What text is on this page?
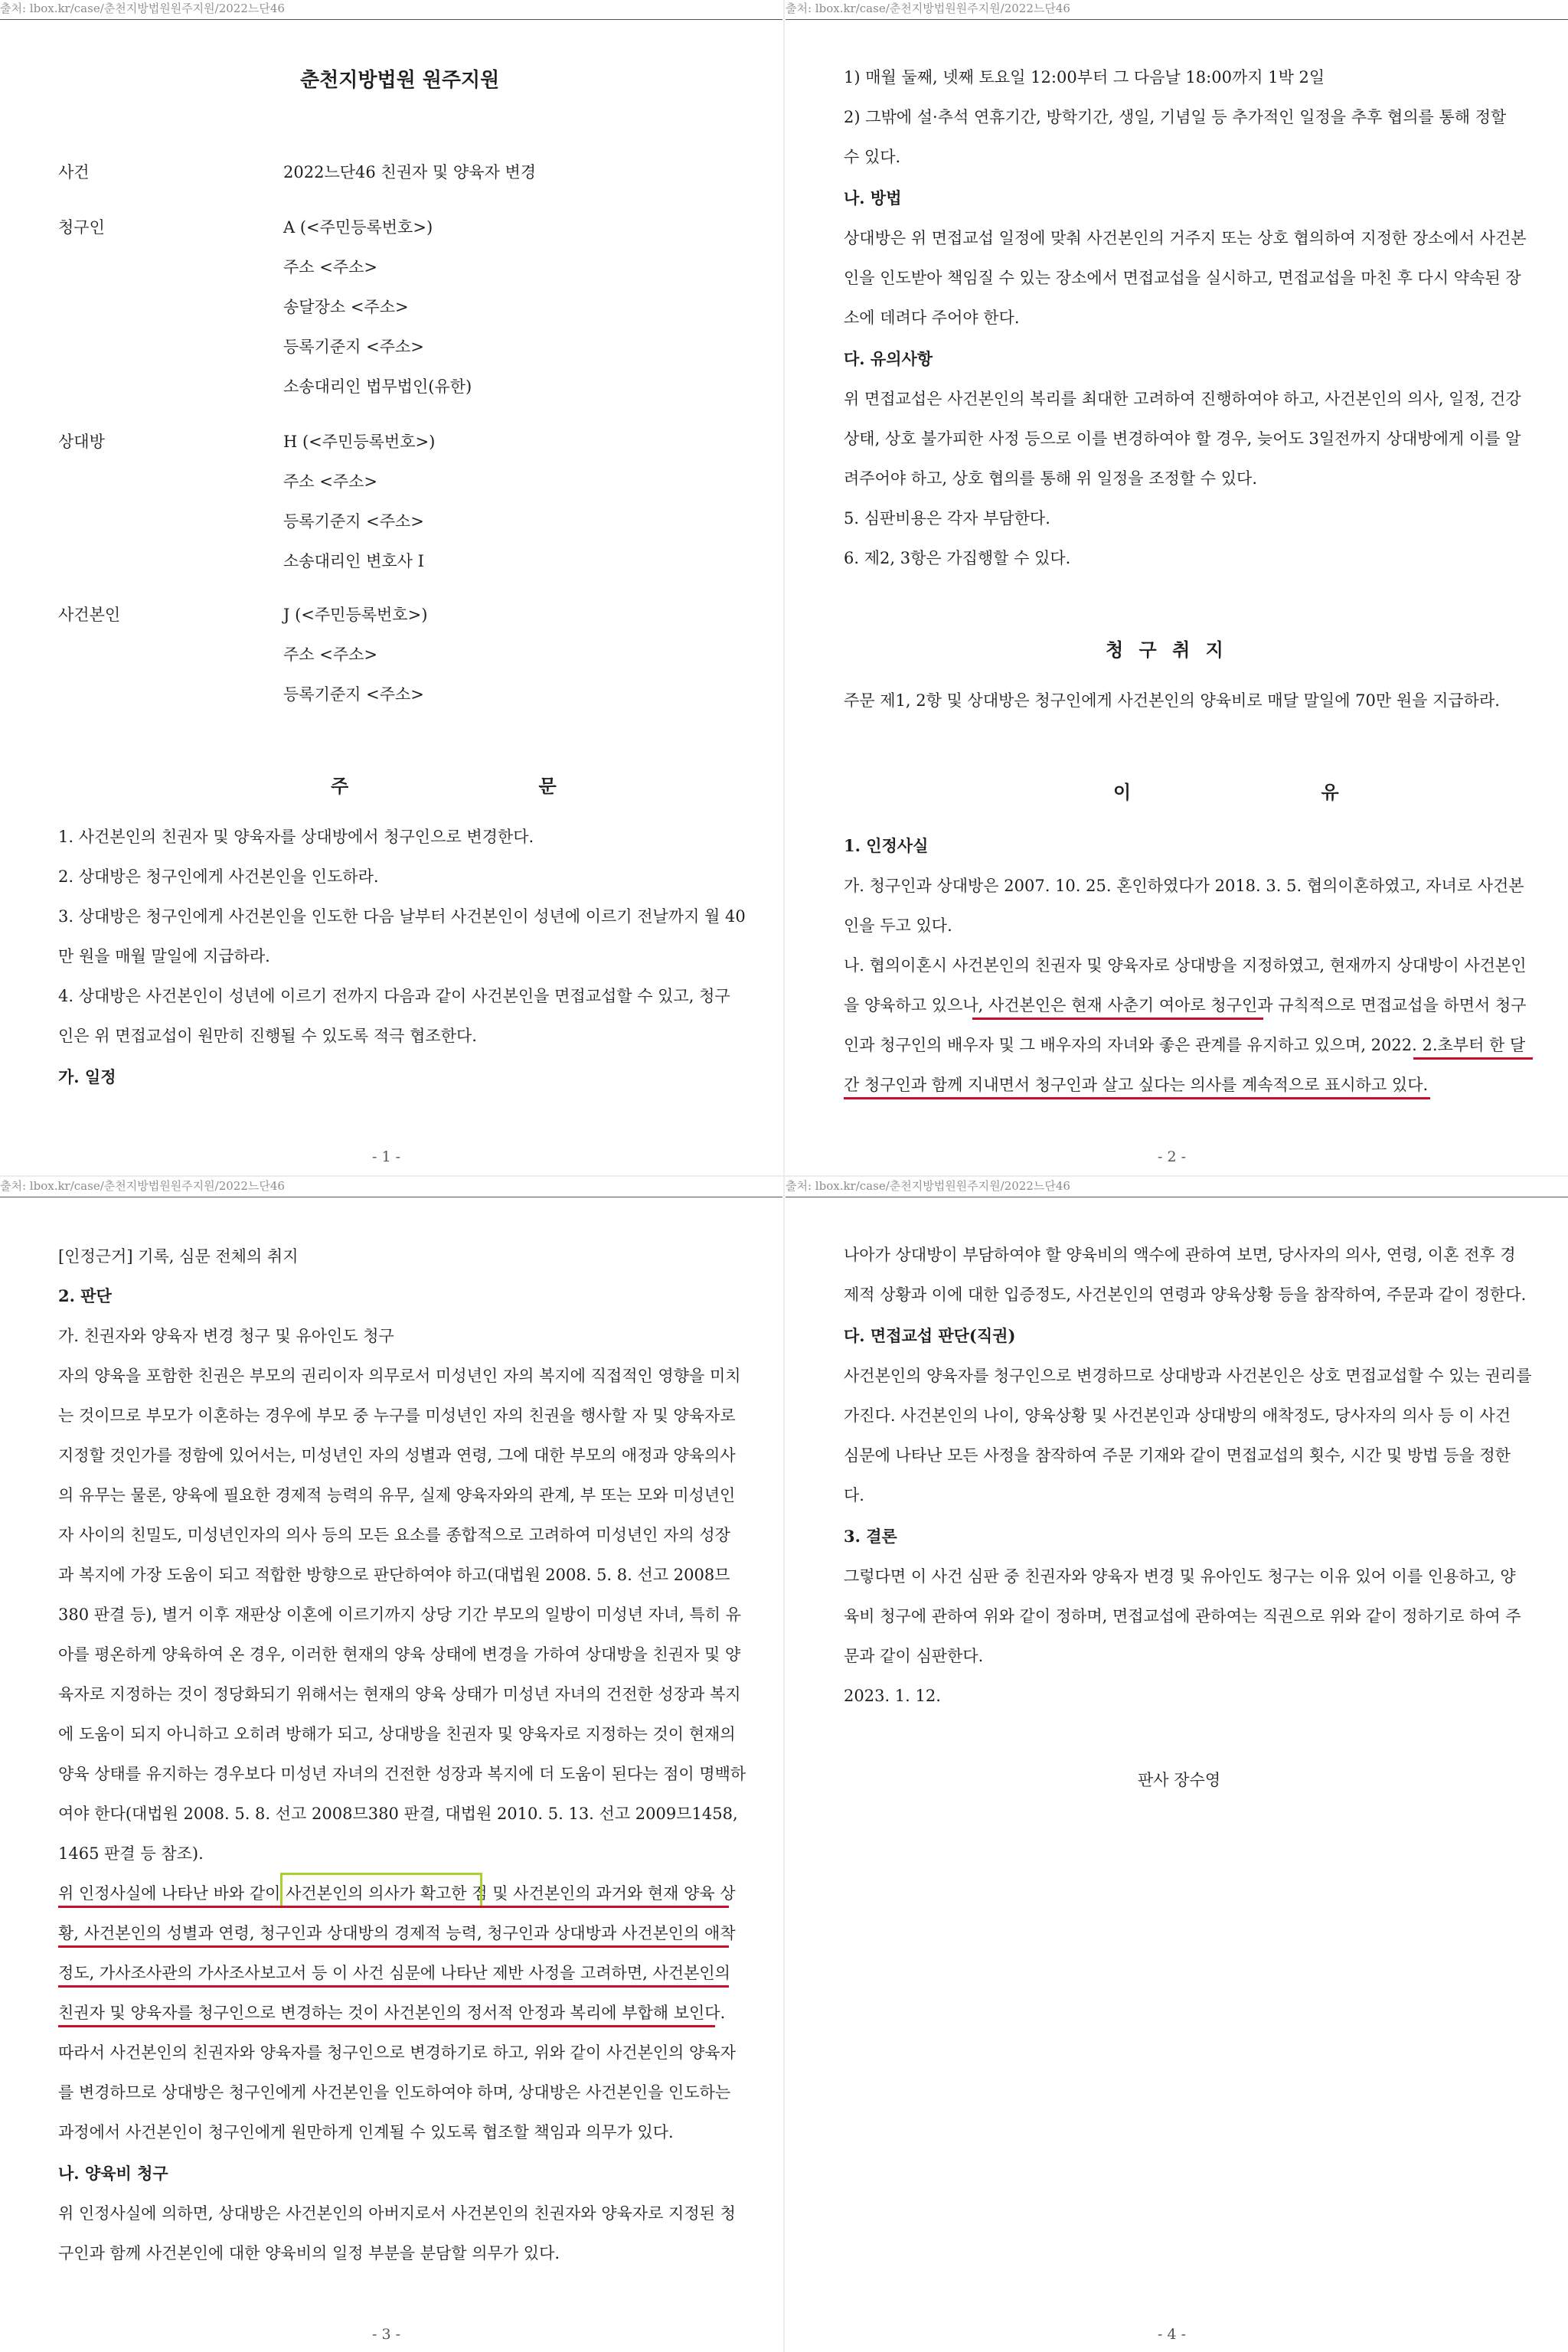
출처: lbox.kr/case/춘천지방법원원주지원/2022느단46
춘천지방법원 원주지원
사건	2022느단46 친권자 및 양육자 변경
청구인	A (<주민등록번호>)
주소 <주소>
송달장소 <주소>
등록기준지 <주소>
소송대리인 법무법인(유한)
상대방	H (<주민등록번호>)
주소 <주소>
등록기준지 <주소>
소송대리인 변호사 I
사건본인	J (<주민등록번호>)
주소 <주소>
등록기준지 <주소>
주 문
1. 사건본인의 친권자 및 양육자를 상대방에서 청구인으로 변경한다.
2. 상대방은 청구인에게 사건본인을 인도하라.
3. 상대방은 청구인에게 사건본인을 인도한 다음 날부터 사건본인이 성년에 이르기 전날까지 월 40
만 원을 매월 말일에 지급하라.
4. 상대방은 사건본인이 성년에 이르기 전까지 다음과 같이 사건본인을 면접교섭할 수 있고, 청구
인은 위 면접교섭이 원만히 진행될 수 있도록 적극 협조한다.
가. 일정
- 1 -
출처: lbox.kr/case/춘천지방법원원주지원/2022느단46
1) 매월 둘째, 넷째 토요일 12:00부터 그 다음날 18:00까지 1박 2일
2) 그밖에 설·추석 연휴기간, 방학기간, 생일, 기념일 등 추가적인 일정을 추후 협의를 통해 정할
수 있다.
나. 방법
상대방은 위 면접교섭 일정에 맞춰 사건본인의 거주지 또는 상호 협의하여 지정한 장소에서 사건본
인을 인도받아 책임질 수 있는 장소에서 면접교섭을 실시하고, 면접교섭을 마친 후 다시 약속된 장
소에 데려다 주어야 한다.
다. 유의사항
위 면접교섭은 사건본인의 복리를 최대한 고려하여 진행하여야 하고, 사건본인의 의사, 일정, 건강
상태, 상호 불가피한 사정 등으로 이를 변경하여야 할 경우, 늦어도 3일전까지 상대방에게 이를 알
려주어야 하고, 상호 협의를 통해 위 일정을 조정할 수 있다.
5. 심판비용은 각자 부담한다.
6. 제2, 3항은 가집행할 수 있다.
청 구 취 지
주문 제1, 2항 및 상대방은 청구인에게 사건본인의 양육비로 매달 말일에 70만 원을 지급하라.
이 유
1. 인정사실
가. 청구인과 상대방은 2007. 10. 25. 혼인하였다가 2018. 3. 5. 협의이혼하였고, 자녀로 사건본
인을 두고 있다.
나. 협의이혼시 사건본인의 친권자 및 양육자로 상대방을 지정하였고, 현재까지 상대방이 사건본인
을 양육하고 있으나, 사건본인은 현재 사춘기 여아로 청구인과 규칙적으로 면접교섭을 하면서 청구
인과 청구인의 배우자 및 그 배우자의 자녀와 좋은 관계를 유지하고 있으며, 2022. 2.초부터 한 달
간 청구인과 함께 지내면서 청구인과 살고 싶다는 의사를 계속적으로 표시하고 있다.
- 2 -
출처: lbox.kr/case/춘천지방법원원주지원/2022느단46
[인정근거] 기록, 심문 전체의 취지
2. 판단
가. 친권자와 양육자 변경 청구 및 유아인도 청구
자의 양육을 포함한 친권은 부모의 권리이자 의무로서 미성년인 자의 복지에 직접적인 영향을 미치
는 것이므로 부모가 이혼하는 경우에 부모 중 누구를 미성년인 자의 친권을 행사할 자 및 양육자로
지정할 것인가를 정함에 있어서는, 미성년인 자의 성별과 연령, 그에 대한 부모의 애정과 양육의사
의 유무는 물론, 양육에 필요한 경제적 능력의 유무, 실제 양육자와의 관계, 부 또는 모와 미성년인
자 사이의 친밀도, 미성년인자의 의사 등의 모든 요소를 종합적으로 고려하여 미성년인 자의 성장
과 복지에 가장 도움이 되고 적합한 방향으로 판단하여야 하고(대법원 2008. 5. 8. 선고 2008므
380 판결 등), 별거 이후 재판상 이혼에 이르기까지 상당 기간 부모의 일방이 미성년 자녀, 특히 유
아를 평온하게 양육하여 온 경우, 이러한 현재의 양육 상태에 변경을 가하여 상대방을 친권자 및 양
육자로 지정하는 것이 정당화되기 위해서는 현재의 양육 상태가 미성년 자녀의 건전한 성장과 복지
에 도움이 되지 아니하고 오히려 방해가 되고, 상대방을 친권자 및 양육자로 지정하는 것이 현재의
양육 상태를 유지하는 경우보다 미성년 자녀의 건전한 성장과 복지에 더 도움이 된다는 점이 명백하
여야 한다(대법원 2008. 5. 8. 선고 2008므380 판결, 대법원 2010. 5. 13. 선고 2009므1458,
1465 판결 등 참조).
위 인정사실에 나타난 바와 같이 사건본인의 의사가 확고한 점 및 사건본인의 과거와 현재 양육 상
황, 사건본인의 성별과 연령, 청구인과 상대방의 경제적 능력, 청구인과 상대방과 사건본인의 애착
정도, 가사조사관의 가사조사보고서 등 이 사건 심문에 나타난 제반 사정을 고려하면, 사건본인의
친권자 및 양육자를 청구인으로 변경하는 것이 사건본인의 정서적 안정과 복리에 부합해 보인다.
따라서 사건본인의 친권자와 양육자를 청구인으로 변경하기로 하고, 위와 같이 사건본인의 양육자
를 변경하므로 상대방은 청구인에게 사건본인을 인도하여야 하며, 상대방은 사건본인을 인도하는
과정에서 사건본인이 청구인에게 원만하게 인계될 수 있도록 협조할 책임과 의무가 있다.
나. 양육비 청구
위 인정사실에 의하면, 상대방은 사건본인의 아버지로서 사건본인의 친권자와 양육자로 지정된 청
구인과 함께 사건본인에 대한 양육비의 일정 부분을 분담할 의무가 있다.
- 3 -
출처: lbox.kr/case/춘천지방법원원주지원/2022느단46
나아가 상대방이 부담하여야 할 양육비의 액수에 관하여 보면, 당사자의 의사, 연령, 이혼 전후 경
제적 상황과 이에 대한 입증정도, 사건본인의 연령과 양육상황 등을 참작하여, 주문과 같이 정한다.
다. 면접교섭 판단(직권)
사건본인의 양육자를 청구인으로 변경하므로 상대방과 사건본인은 상호 면접교섭할 수 있는 권리를
가진다. 사건본인의 나이, 양육상황 및 사건본인과 상대방의 애착정도, 당사자의 의사 등 이 사건
심문에 나타난 모든 사정을 참작하여 주문 기재와 같이 면접교섭의 횟수, 시간 및 방법 등을 정한
다.
3. 결론
그렇다면 이 사건 심판 중 친권자와 양육자 변경 및 유아인도 청구는 이유 있어 이를 인용하고, 양
육비 청구에 관하여 위와 같이 정하며, 면접교섭에 관하여는 직권으로 위와 같이 정하기로 하여 주
문과 같이 심판한다.
2023. 1. 12.
판사 장수영
- 4 -
